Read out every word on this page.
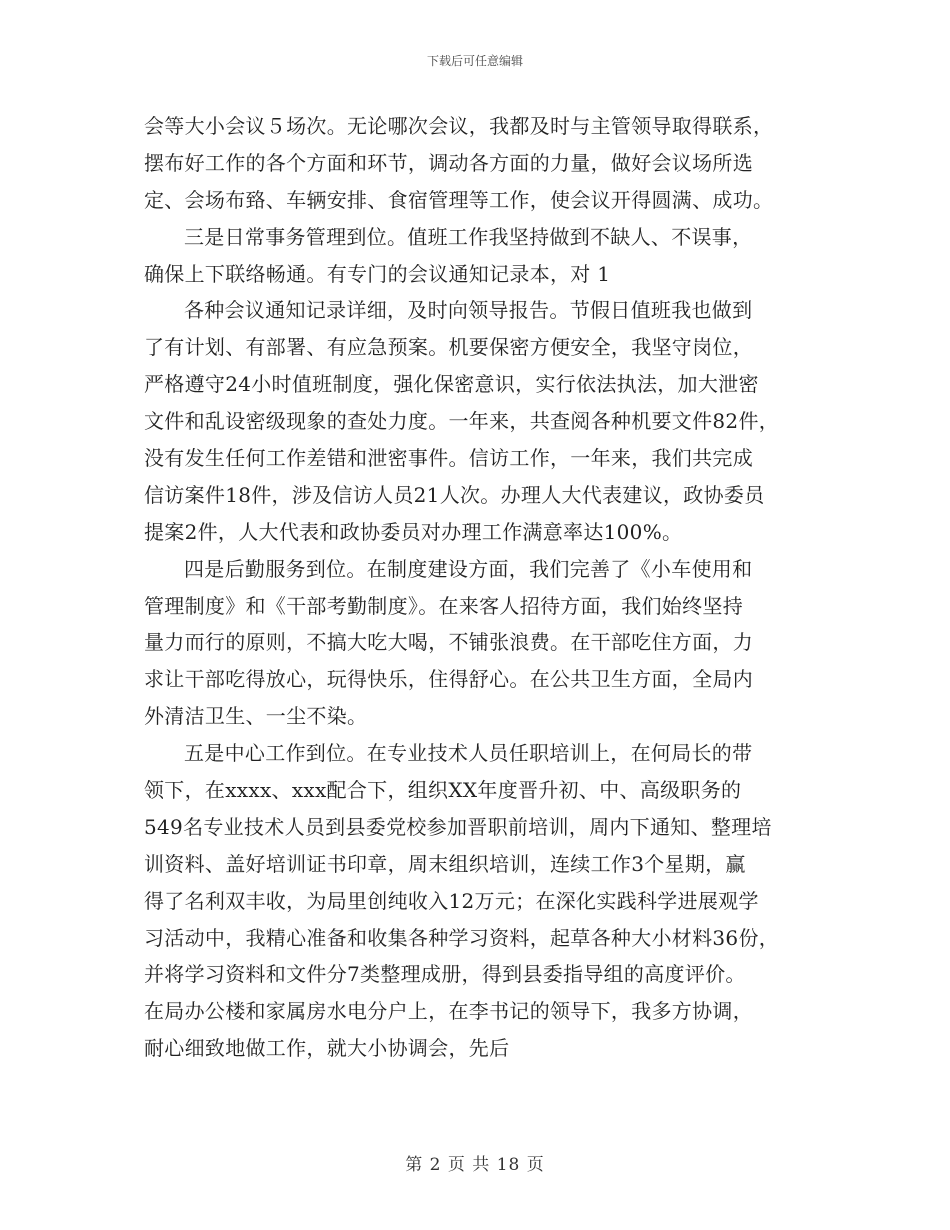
下载后可任意编辑
会等大小会议５场次。无论哪次会议，我都及时与主管领导取得联系，
摆布好工作的各个方面和环节，调动各方面的力量，做好会议场所选
定、会场布臵、车辆安排、食宿管理等工作，使会议开得圆满、成功。
三是日常事务管理到位。值班工作我坚持做到不缺人、不误事，
确保上下联络畅通。有专门的会议通知记录本，对 1
各种会议通知记录详细，及时向领导报告。节假日值班我也做到
了有计划、有部署、有应急预案。机要保密方便安全，我坚守岗位，
严格遵守24小时值班制度，强化保密意识，实行依法执法，加大泄密
文件和乱设密级现象的查处力度。一年来，共查阅各种机要文件82件，
没有发生任何工作差错和泄密事件。信访工作，一年来，我们共完成
信访案件18件，涉及信访人员21人次。办理人大代表建议，政协委员
提案2件，人大代表和政协委员对办理工作满意率达100%。
四是后勤服务到位。在制度建设方面，我们完善了《小车使用和
管理制度》和《干部考勤制度》。在来客人招待方面，我们始终坚持
量力而行的原则，不搞大吃大喝，不铺张浪费。在干部吃住方面，力
求让干部吃得放心，玩得快乐，住得舒心。在公共卫生方面，全局内
外清洁卫生、一尘不染。
五是中心工作到位。在专业技术人员任职培训上，在何局长的带
领下，在xxxx、xxx配合下，组织XX年度晋升初、中、高级职务的
549名专业技术人员到县委党校参加晋职前培训，周内下通知、整理培
训资料、盖好培训证书印章，周末组织培训，连续工作3个星期，赢
得了名利双丰收，为局里创纯收入12万元；在深化实践科学进展观学
习活动中，我精心准备和收集各种学习资料，起草各种大小材料36份，
并将学习资料和文件分7类整理成册，得到县委指导组的高度评价。
在局办公楼和家属房水电分户上，在李书记的领导下，我多方协调，
耐心细致地做工作，就大小协调会，先后
第 2 页 共 18 页
